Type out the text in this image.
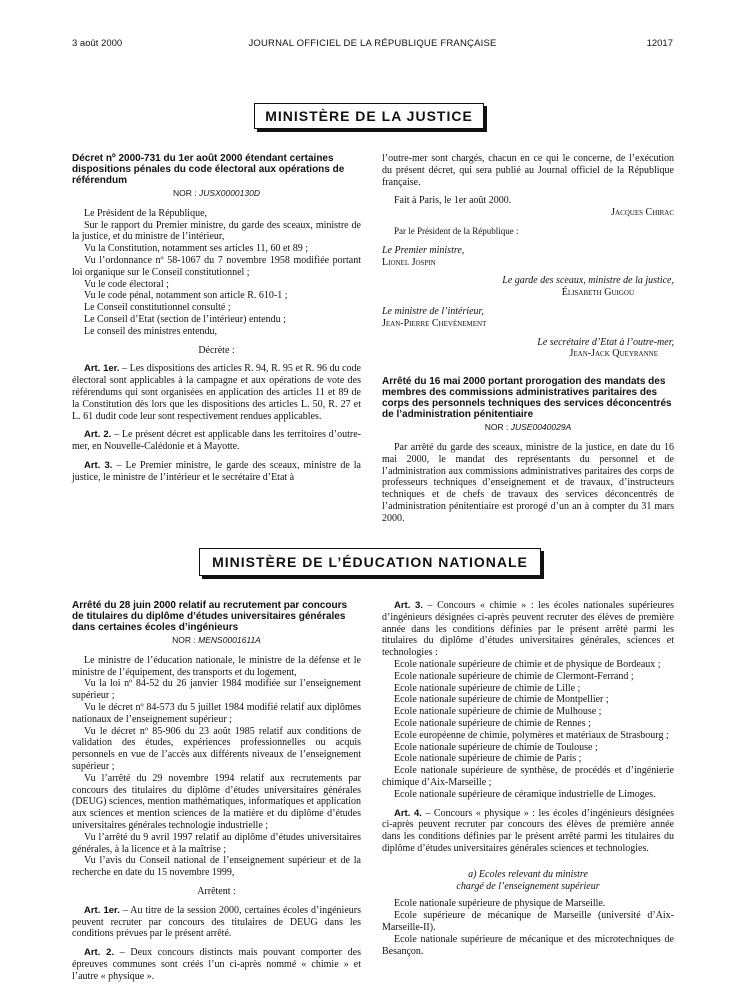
3 août 2000	JOURNAL OFFICIEL DE LA RÉPUBLIQUE FRANÇAISE	12017
MINISTÈRE DE LA JUSTICE
Décret nº 2000-731 du 1er août 2000 étendant certaines dispositions pénales du code électoral aux opérations de référendum
NOR : JUSX0000130D

Le Président de la République,

Sur le rapport du Premier ministre, du garde des sceaux, ministre de la justice, et du ministre de l’intérieur,

Vu la Constitution, notamment ses articles 11, 60 et 89 ;

Vu l’ordonnance nº 58-1067 du 7 novembre 1958 modifiée portant loi organique sur le Conseil constitutionnel ;

Vu le code électoral ;

Vu le code pénal, notamment son article R. 610-1 ;

Le Conseil constitutionnel consulté ;

Le Conseil d’Etat (section de l’intérieur) entendu ;

Le conseil des ministres entendu,

Décrète :

Art. 1er. – Les dispositions des articles R. 94, R. 95 et R. 96 du code électoral sont applicables à la campagne et aux opérations de vote des référendums qui sont organisées en application des articles 11 et 89 de la Constitution dès lors que les dispositions des articles L. 50, R. 27 et L. 61 dudit code leur sont respectivement rendues applicables.

Art. 2. – Le présent décret est applicable dans les territoires d’outre-mer, en Nouvelle-Calédonie et à Mayotte.

Art. 3. – Le Premier ministre, le garde des sceaux, ministre de la justice, le ministre de l’intérieur et le secrétaire d’Etat à

l’outre-mer sont chargés, chacun en ce qui le concerne, de l’exécution du présent décret, qui sera publié au Journal officiel de la République française.

Fait à Paris, le 1er août 2000.

Jacques Chirac

Par le Président de la République :

Le Premier ministre,

Lionel Jospin

Le garde des sceaux, ministre de la justice,

Élisabeth Guigou

Le ministre de l’intérieur,

Jean-Pierre Chevènement

Le secrétaire d’Etat à l’outre-mer,

Jean-Jack Queyranne

Arrêté du 16 mai 2000 portant prorogation des mandats des membres des commissions administratives paritaires des corps des personnels techniques des services déconcentrés de l’administration pénitentiaire
NOR : JUSE0040029A

Par arrêté du garde des sceaux, ministre de la justice, en date du 16 mai 2000, le mandat des représentants du personnel et de l’administration aux commissions administratives paritaires des corps de professeurs techniques d’enseignement et de travaux, d’instructeurs techniques et de chefs de travaux des services déconcentrés de l’administration pénitentiaire est prorogé d’un an à compter du 31 mars 2000.

MINISTÈRE DE L’ÉDUCATION NATIONALE
Arrêté du 28 juin 2000 relatif au recrutement par concours de titulaires du diplôme d’études universitaires générales dans certaines écoles d’ingénieurs
NOR : MENS0001611A

Le ministre de l’éducation nationale, le ministre de la défense et le ministre de l’équipement, des transports et du logement,

Vu la loi nº 84-52 du 26 janvier 1984 modifiée sur l’enseignement supérieur ;

Vu le décret nº 84-573 du 5 juillet 1984 modifié relatif aux diplômes nationaux de l’enseignement supérieur ;

Vu le décret nº 85-906 du 23 août 1985 relatif aux conditions de validation des études, expériences professionnelles ou acquis personnels en vue de l’accès aux différents niveaux de l’enseignement supérieur ;

Vu l’arrêté du 29 novembre 1994 relatif aux recrutements par concours des titulaires du diplôme d’études universitaires générales (DEUG) sciences, mention mathématiques, informatiques et application aux sciences et mention sciences de la matière et du diplôme d’études universitaires générales technologie industrielle ;

Vu l’arrêté du 9 avril 1997 relatif au diplôme d’études universitaires générales, à la licence et à la maîtrise ;

Vu l’avis du Conseil national de l’enseignement supérieur et de la recherche en date du 15 novembre 1999,

Arrêtent :

Art. 1er. – Au titre de la session 2000, certaines écoles d’ingénieurs peuvent recruter par concours des titulaires de DEUG dans les conditions prévues par le présent arrêté.

Art. 2. – Deux concours distincts mais pouvant comporter des épreuves communes sont créés l’un ci-après nommé « chimie » et l’autre « physique ».

Art. 3. – Concours « chimie » : les écoles nationales supérieures d’ingénieurs désignées ci-après peuvent recruter des élèves de première année dans les conditions définies par le présent arrêté parmi les titulaires du diplôme d’études universitaires générales, sciences et technologies :

Ecole nationale supérieure de chimie et de physique de Bordeaux ;

Ecole nationale supérieure de chimie de Clermont-Ferrand ;

Ecole nationale supérieure de chimie de Lille ;

Ecole nationale supérieure de chimie de Montpellier ;

Ecole nationale supérieure de chimie de Mulhouse ;

Ecole nationale supérieure de chimie de Rennes ;

Ecole européenne de chimie, polymères et matériaux de Strasbourg ;

Ecole nationale supérieure de chimie de Toulouse ;

Ecole nationale supérieure de chimie de Paris ;

Ecole nationale supérieure de synthèse, de procédés et d’ingénierie chimique d’Aix-Marseille ;

Ecole nationale supérieure de céramique industrielle de Limoges.

Art. 4. – Concours « physique » : les écoles d’ingénieurs désignées ci-après peuvent recruter par concours des élèves de première année dans les conditions définies par le présent arrêté parmi les titulaires du diplôme d’études universitaires générales sciences et technologies.

a) Ecoles relevant du ministre

chargé de l’enseignement supérieur

Ecole nationale supérieure de physique de Marseille.

Ecole supérieure de mécanique de Marseille (université d’Aix-Marseille-II).

Ecole nationale supérieure de mécanique et des microtechniques de Besançon.
